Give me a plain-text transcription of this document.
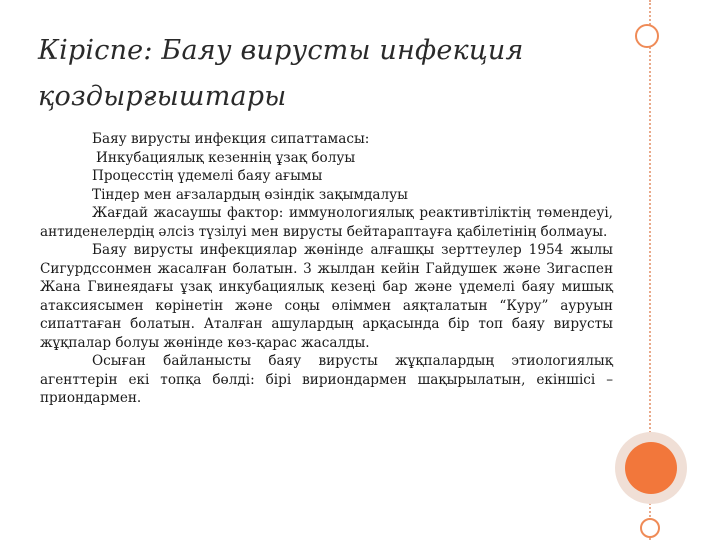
Кіріспе: Баяу вирусты инфекция
қоздырғыштары

Баяу вирусты инфекция сипаттамасы:

Инкубациялық кезеннің ұзақ болуы

Процесстің үдемелі баяу ағымы

Тіндер мен ағзалардың өзіндік зақымдалуы

Жағдай жасаушы фактор: иммунологиялық реактивтіліктің төмендеуі, антиденелердің әлсіз түзілуі мен вирусты бейтараптауға қабілетінің болмауы.

Баяу вирусты инфекциялар жөнінде алғашқы зерттеулер 1954 жылы Сигурдссонмен жасалған болатын. 3 жылдан кейін Гайдушек және Зигаспен Жана Гвинеядағы ұзақ инкубациялық кезеңі бар және үдемелі баяу мишық атаксиясымен көрінетін және соңы өліммен аяқталатын “Куру” ауруын сипаттаған болатын. Аталған ашулардың арқасында бір топ баяу вирусты жұқпалар болуы жөнінде көз-қарас жасалды.

Осыған байланысты баяу вирусты жұқпалардың этиологиялық агенттерін екі топқа бөлді: бірі вириондармен шақырылатын, екіншісі – приондармен.
